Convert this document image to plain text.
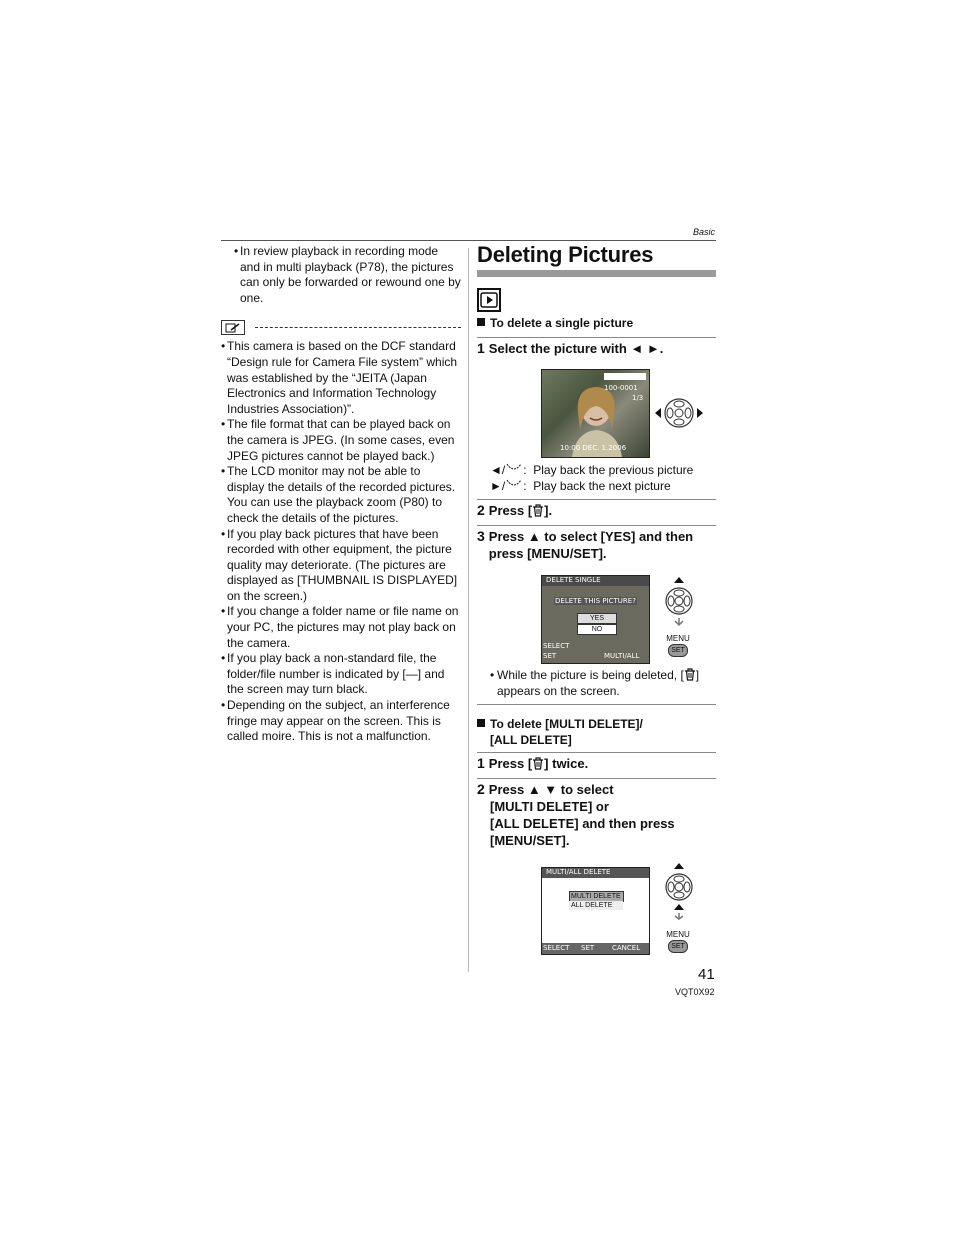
Basic

• In review playback in recording mode and in multi playback (P78), the pictures can only be forwarded or rewound one by one.

• This camera is based on the DCF standard “Design rule for Camera File system” which was established by the “JEITA (Japan Electronics and Information Technology Industries Association)”.

• The file format that can be played back on the camera is JPEG. (In some cases, even JPEG pictures cannot be played back.)

• The LCD monitor may not be able to display the details of the recorded pictures. You can use the playback zoom (P80) to check the details of the pictures.

• If you play back pictures that have been recorded with other equipment, the picture quality may deteriorate. (The pictures are displayed as [THUMBNAIL IS DISPLAYED] on the screen.)

• If you change a folder name or file name on your PC, the pictures may not play back on the camera.

• If you play back a non-standard file, the folder/file number is indicated by [—] and the screen may turn black.

• Depending on the subject, an interference fringe may appear on the screen. This is called moire. This is not a malfunction.

Deleting Pictures
To delete a single picture
1 Select the picture with ◄ ►.

100-0001
1/3
10:00 DEC. 1.2006
◄/ :  Play back the previous picture
►/ :  Play back the next picture
2 Press [ ].
3 Press ▲ to select [YES] and then press [MENU/SET].
DELETE SINGLE
DELETE THIS PICTURE?
YES
NO
SELECT
SET	MULTI/ALL
MENU
SET

• While the picture is being deleted, [ ] appears on the screen.

To delete [MULTI DELETE]/
[ALL DELETE]
1 Press [ ] twice.
2 Press ▲ ▼ to select
[MULTI DELETE] or
[ALL DELETE] and then press
[MENU/SET].
MULTI/ALL DELETE
MULTI DELETE
ALL DELETE
SELECT SET	CANCEL
MENU
SET
41
VQT0X92
